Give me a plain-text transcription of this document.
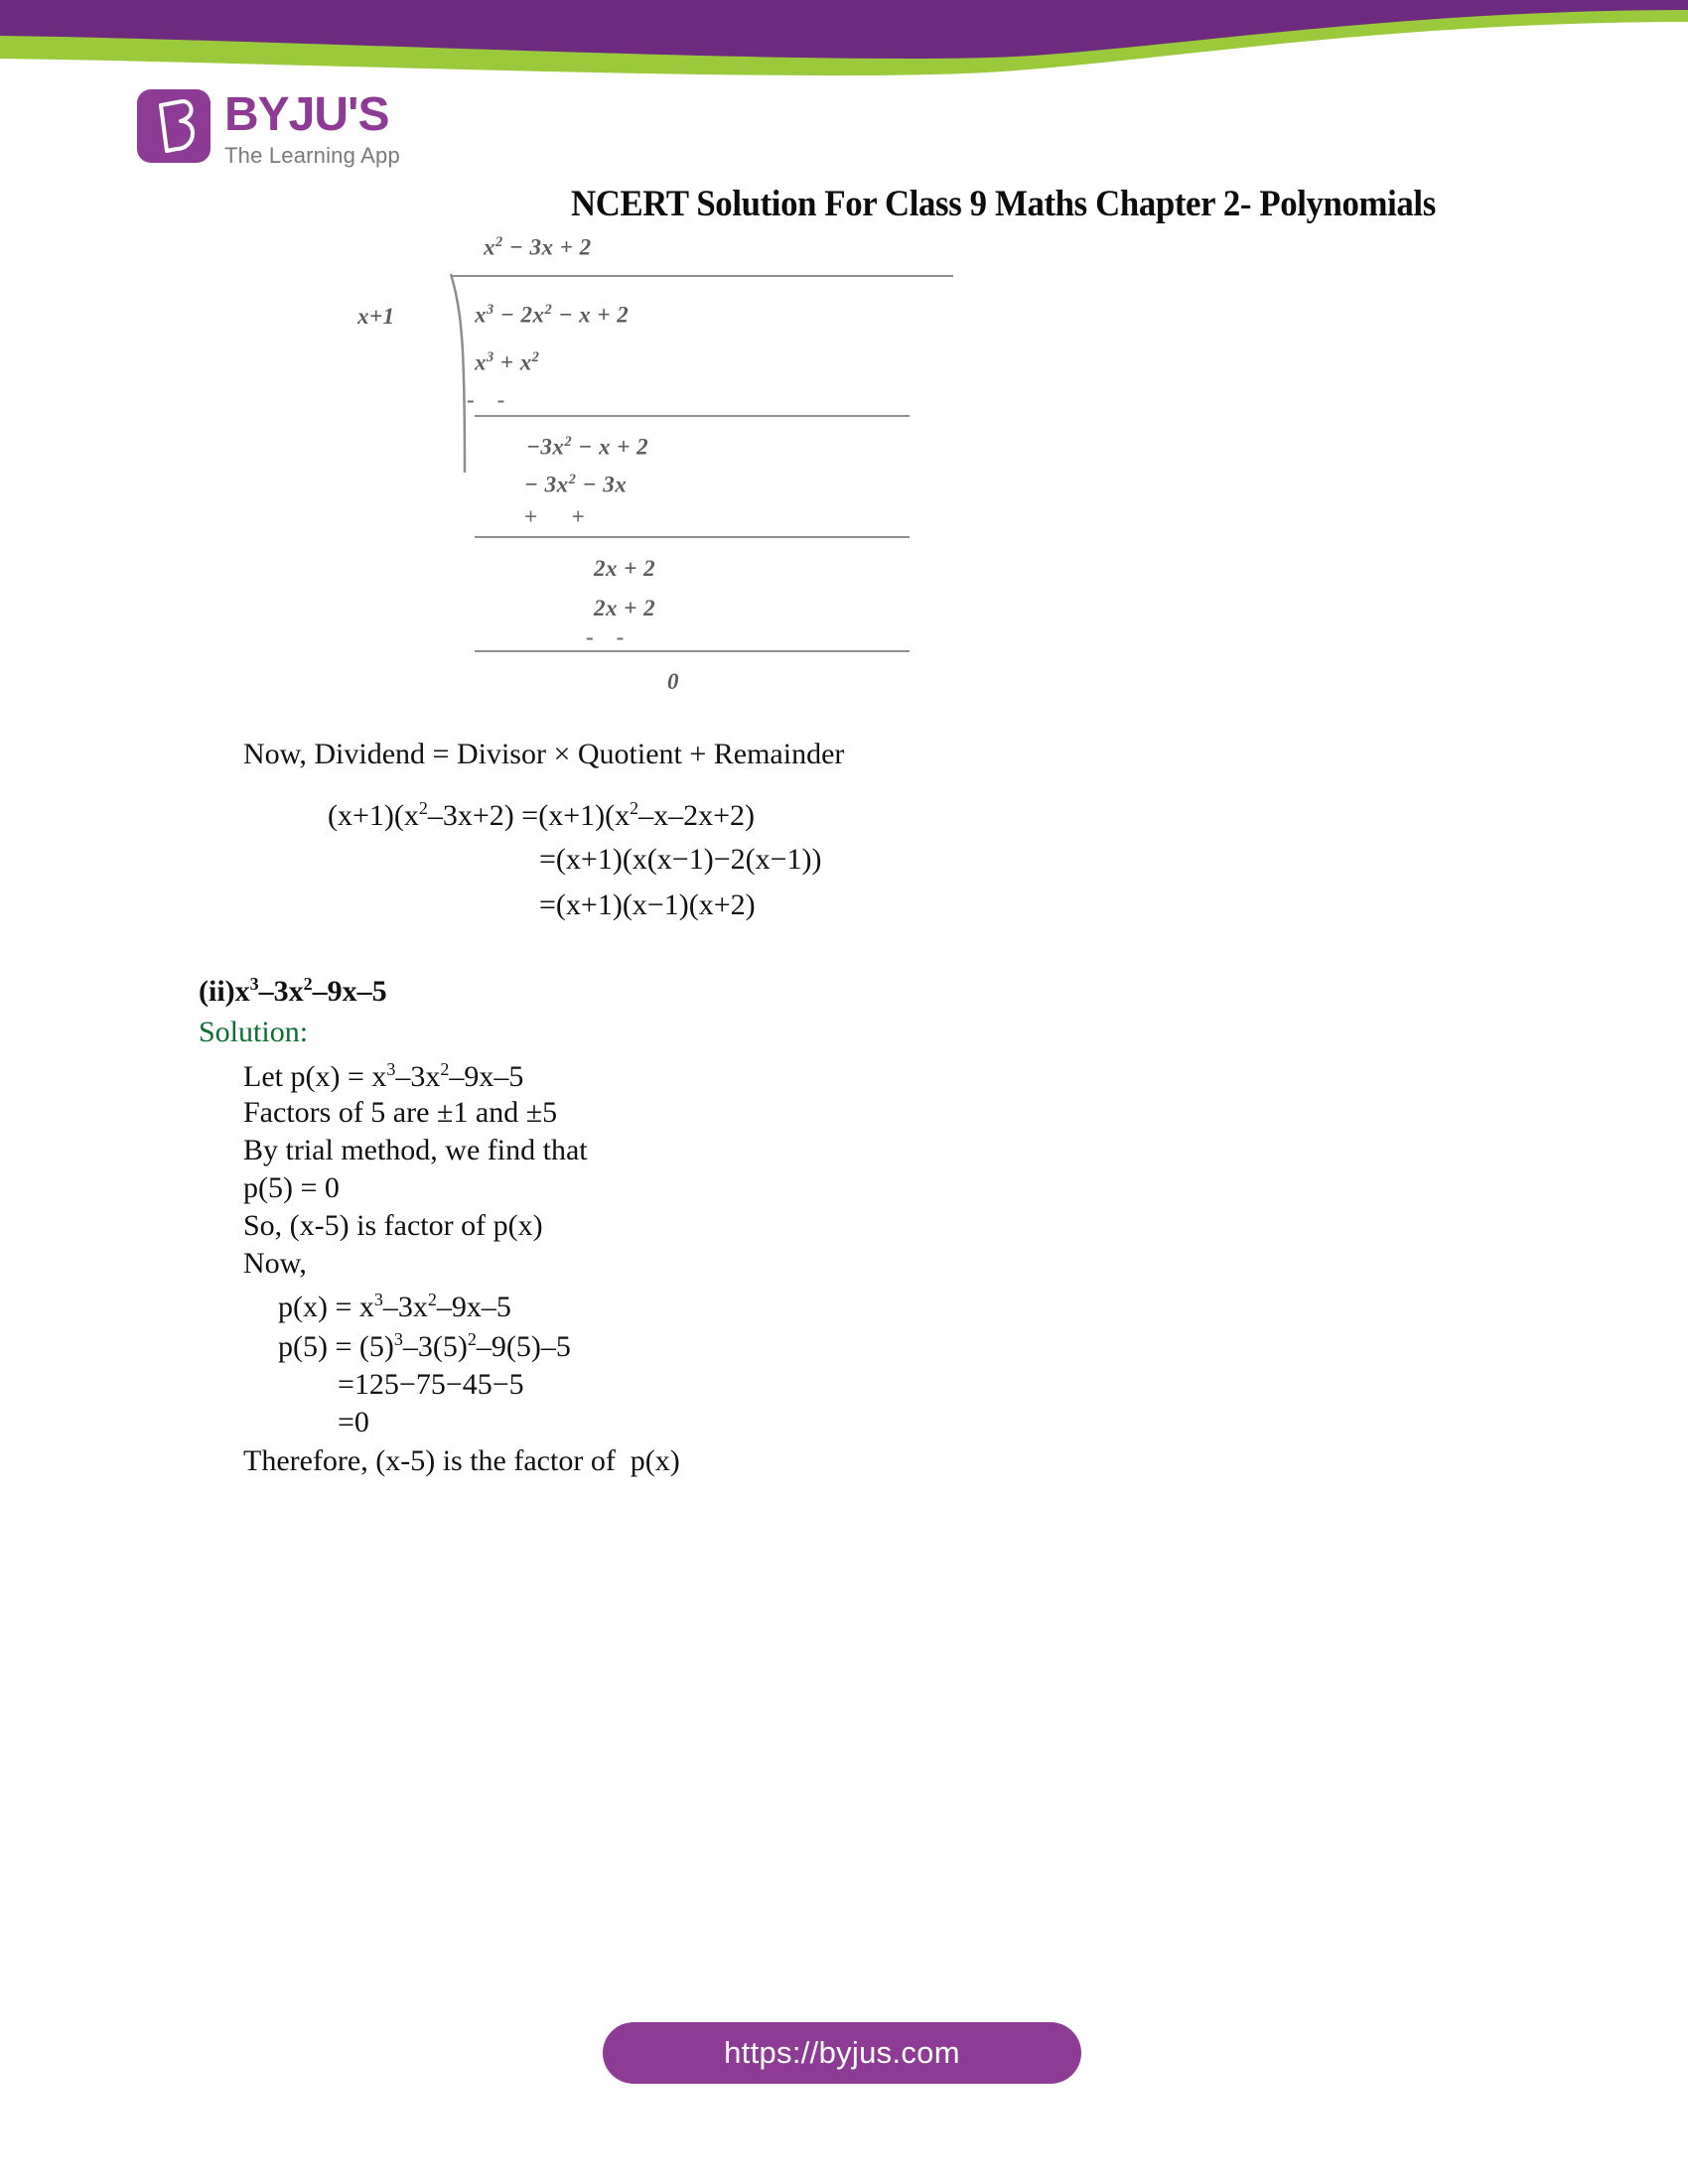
BYJU'S
The Learning App
NCERT Solution For Class 9 Maths Chapter 2- Polynomials
$x^2 - 3x + 2$
x+1	$x^3 - 2x^2 - x + 2$
$x^3 + x^2$
-    -
$-3x^2 - x + 2$
− $3x^2 - 3x$
+      +
2x + 2
2x + 2
-    -
0
Now, Dividend = Divisor × Quotient + Remainder
$(x+1)(x^2-3x+2) =(x+1)(x^2-x-2x+2)$
=(x+1)(x(x−1)−2(x−1))
=(x+1)(x−1)(x+2)
$(ii)x^3-3x^2-9x-5$
Solution:
Let $p(x) = x^3-3x^2-9x-5$
Factors of 5 are ±1 and ±5
By trial method, we find that
p(5) = 0
So, (x-5) is factor of p(x)
Now,
$p(x) = x^3-3x^2-9x-5$
$p(5) = (5)^3-3(5)^2-9(5)-5$
=125−75−45−5
=0
Therefore, (x-5) is the factor of  p(x)
https://byjus.com
